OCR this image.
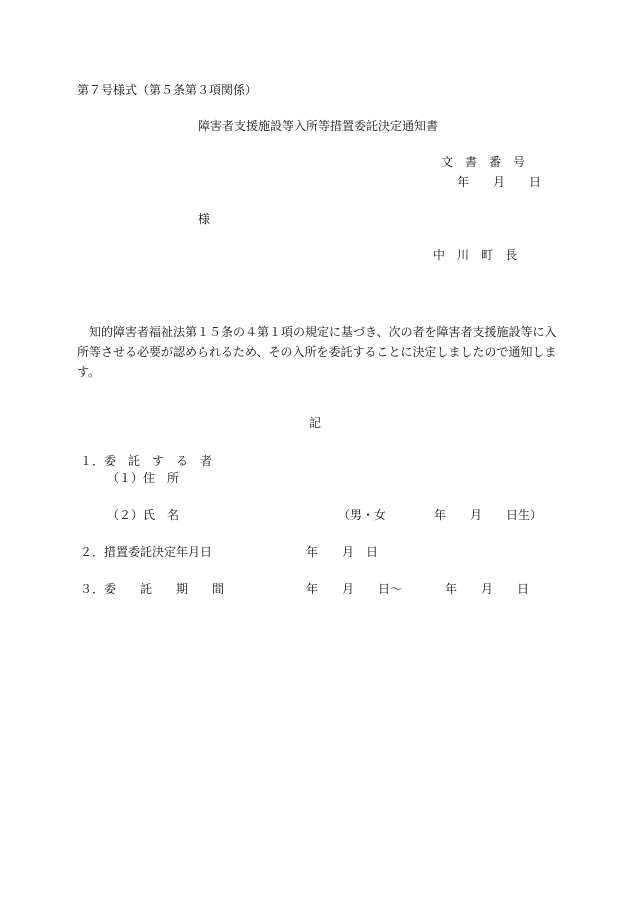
第７号様式（第５条第３項関係）
障害者支援施設等入所等措置委託決定通知書
文　書　番　号
年　　月　　日
様
中　川　町　長
知的障害者福祉法第１５条の４第１項の規定に基づき、次の者を障害者支援施設等に入所等させる必要が認められるため、その入所を委託することに決定しましたので通知します。
記
１．委　託　す　る　者
（１）住　所
（２）氏　名	（男・女　　　　年　　月　　日生）
２．措置委託決定年月日	年　　月　日
３．委　　託　　期　　間	年　　月　　日～	年　　月　　日
